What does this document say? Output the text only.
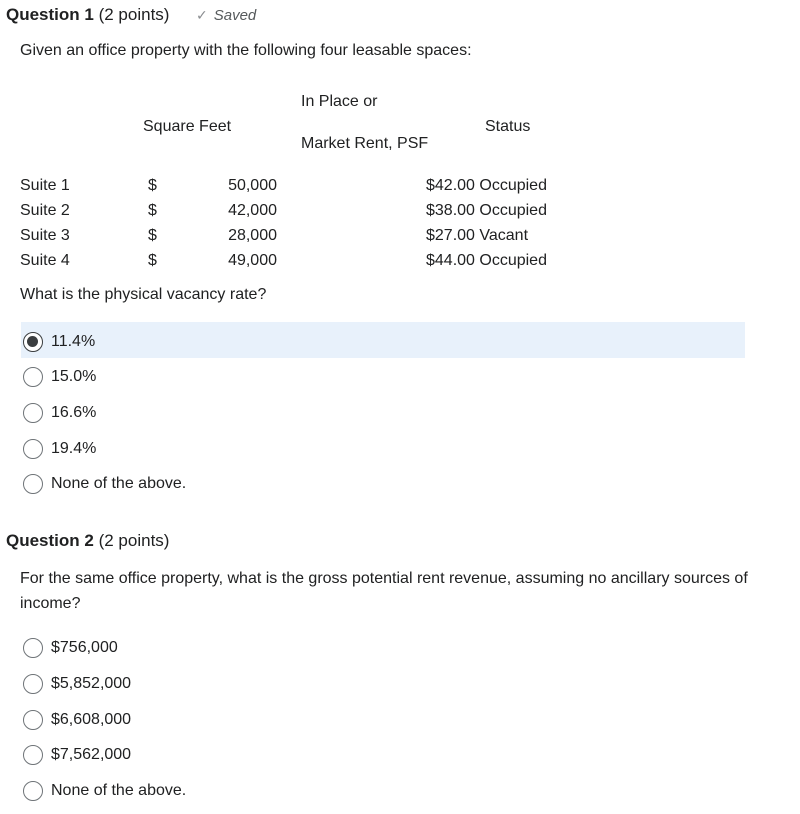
Question 1 (2 points) ✓ Saved
Given an office property with the following four leasable spaces:
Square Feet
In Place or
Market Rent, PSF
Status
Suite 1	$	50,000	$42.00 Occupied
Suite 2	$	42,000	$38.00 Occupied
Suite 3	$	28,000	$27.00 Vacant
Suite 4	$	49,000	$44.00 Occupied
What is the physical vacancy rate?
11.4%
15.0%
16.6%
19.4%
None of the above.
Question 2 (2 points)
For the same office property, what is the gross potential rent revenue, assuming no ancillary sources of income?
$756,000
$5,852,000
$6,608,000
$7,562,000
None of the above.
